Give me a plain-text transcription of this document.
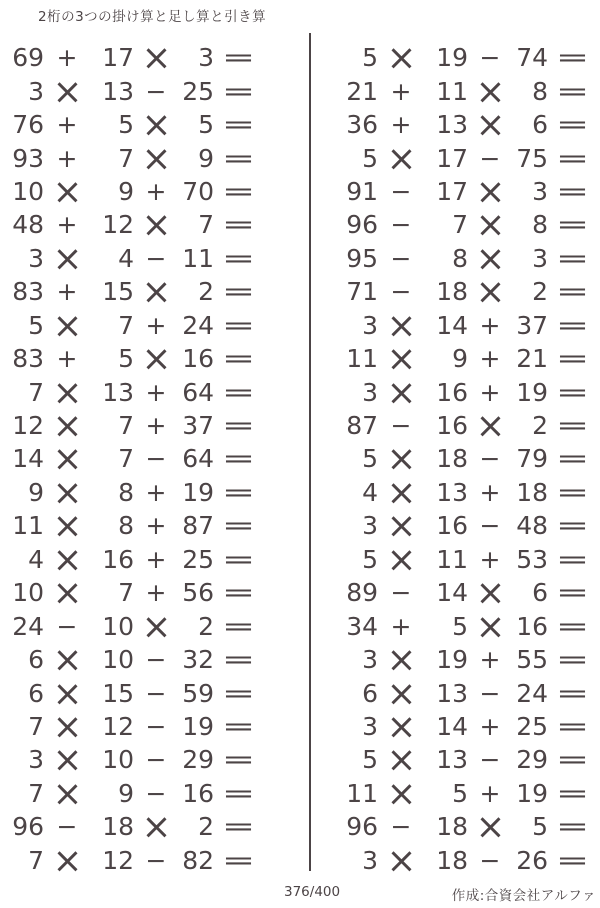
2桁の3つの掛け算と足し算と引き算
69 + 17 ×	3 =
3 × 13 − 25 =
76 +	5 ×	5 =
93 +	7 ×	9 =
10 ×	9 + 70 =
48 + 12 ×	7 =
3 ×	4 − 11 =
83 + 15 ×	2 =
5 ×	7 + 24 =
83 +	5 × 16 =
7 × 13 + 64 =
12 ×	7 + 37 =
14 ×	7 − 64 =
9 ×	8 + 19 =
11 ×	8 + 87 =
4 × 16 + 25 =
10 ×	7 + 56 =
24 − 10 ×	2 =
6 × 10 − 32 =
6 × 15 − 59 =
7 × 12 − 19 =
3 × 10 − 29 =
7 ×	9 − 16 =
96 − 18 ×	2 =
7 × 12 − 82 =
5 × 19 − 74 =
21 + 11 ×	8 =
36 + 13 ×	6 =
5 × 17 − 75 =
91 − 17 ×	3 =
96 −	7 ×	8 =
95 −	8 ×	3 =
71 − 18 ×	2 =
3 × 14 + 37 =
11 ×	9 + 21 =
3 × 16 + 19 =
87 − 16 ×	2 =
5 × 18 − 79 =
4 × 13 + 18 =
3 × 16 − 48 =
5 × 11 + 53 =
89 − 14 ×	6 =
34 +	5 × 16 =
3 × 19 + 55 =
6 × 13 − 24 =
3 × 14 + 25 =
5 × 13 − 29 =
11 ×	5 + 19 =
96 − 18 ×	5 =
3 × 18 − 26 =
376/400	作成:合資会社アルファ
